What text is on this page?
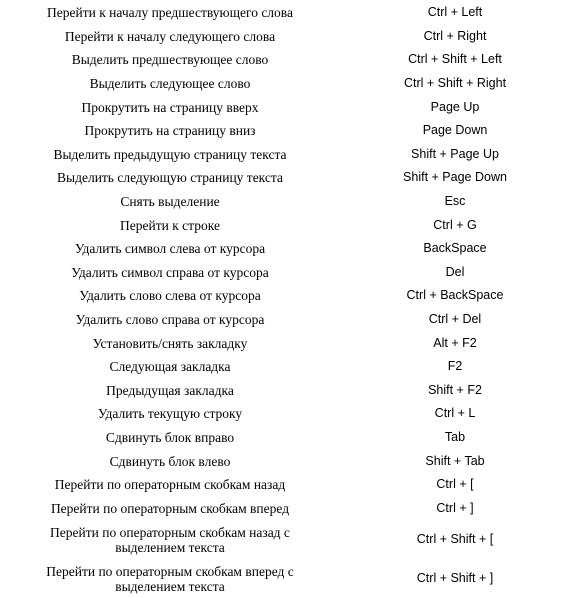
Перейти к началу предшествующего слова	Ctrl + Left
Перейти к началу следующего слова	Ctrl + Right
Выделить предшествующее слово	Ctrl + Shift + Left
Выделить следующее слово	Ctrl + Shift + Right
Прокрутить на страницу вверх	Page Up
Прокрутить на страницу вниз	Page Down
Выделить предыдущую страницу текста	Shift + Page Up
Выделить следующую страницу текста	Shift + Page Down
Снять выделение	Esc
Перейти к строке	Ctrl + G
Удалить символ слева от курсора	BackSpace
Удалить символ справа от курсора	Del
Удалить слово слева от курсора	Ctrl + BackSpace
Удалить слово справа от курсора	Ctrl + Del
Установить/снять закладку	Alt + F2
Следующая закладка	F2
Предыдущая закладка	Shift + F2
Удалить текущую строку	Ctrl + L
Сдвинуть блок вправо	Tab
Сдвинуть блок влево	Shift + Tab
Перейти по операторным скобкам назад	Ctrl + [
Перейти по операторным скобкам вперед	Ctrl + ]
Перейти по операторным скобкам назад с выделением текста	Ctrl + Shift + [
Перейти по операторным скобкам вперед с выделением текста	Ctrl + Shift + ]
